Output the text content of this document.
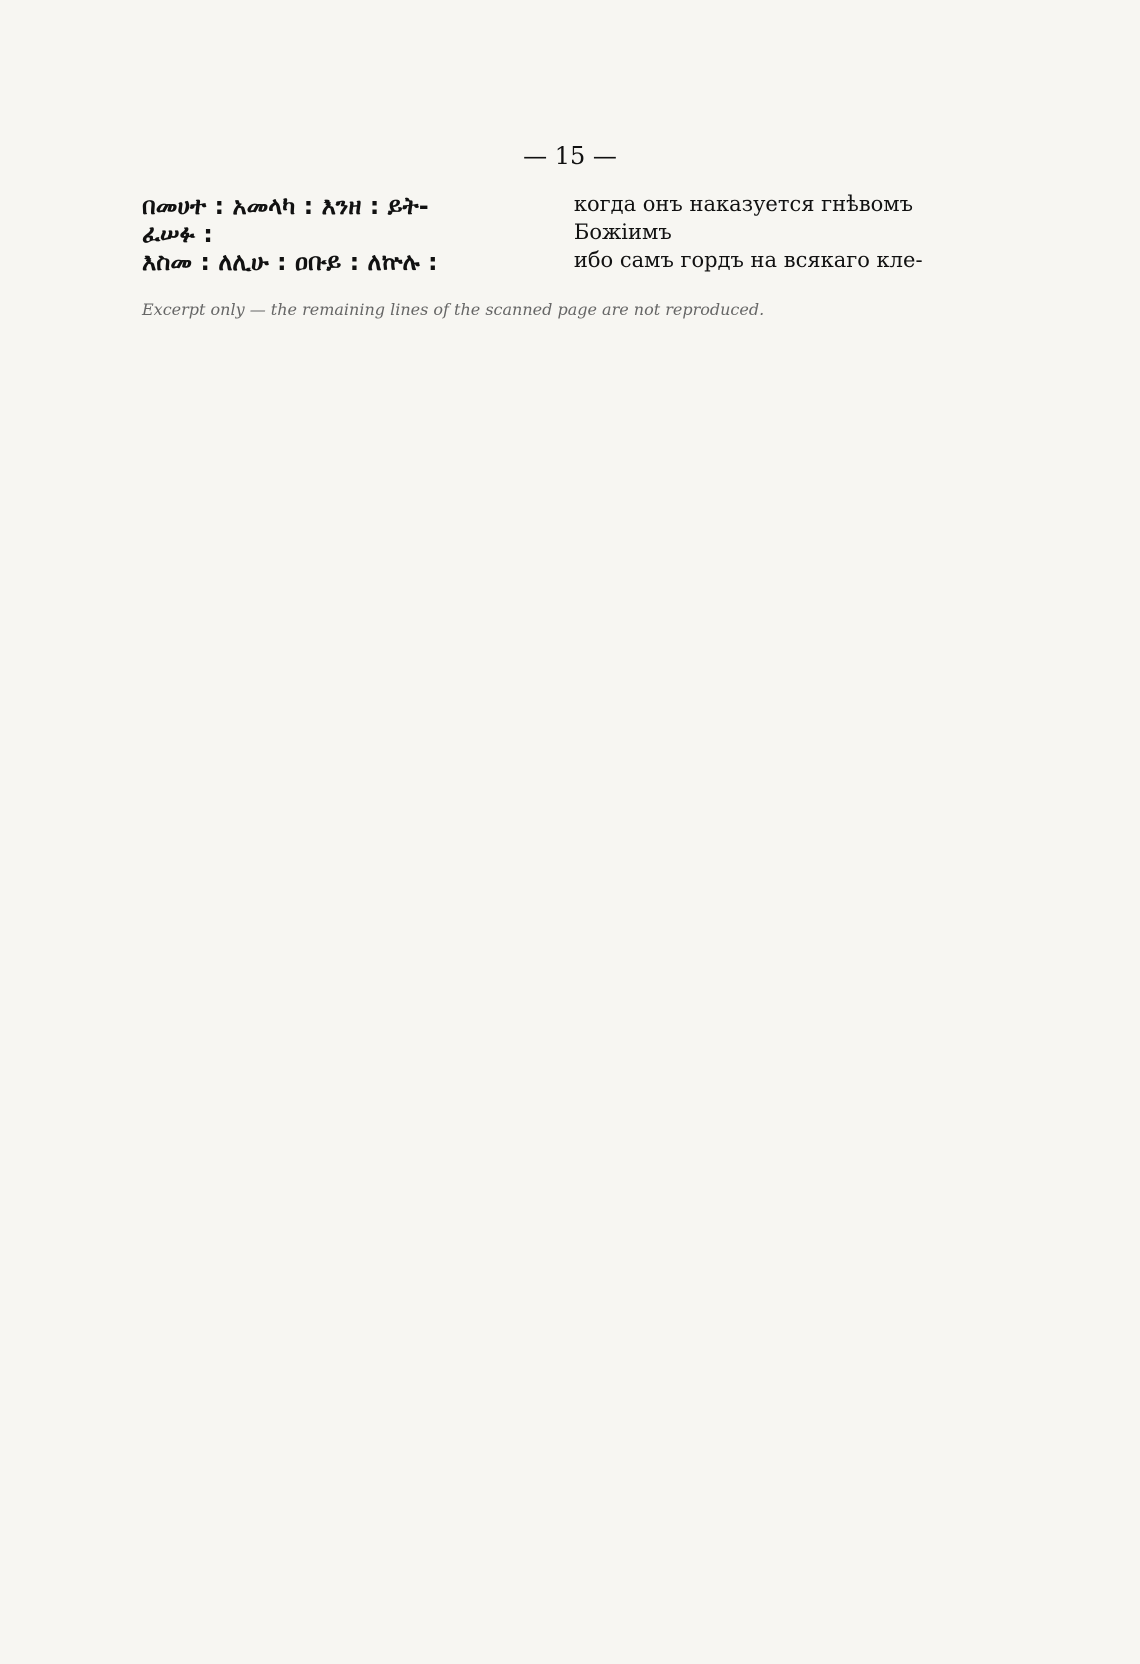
— 15 —
በመሀተ : አመላካ : እንዘ : ይት-	когда онъ наказуется гнѣвомъ
ፈሠፉ :	Божіимъ
እስመ : ለሊሁ : ዐቡይ : ለኵሉ :	ибо самъ гордъ на всякаго кле-
Excerpt only — the remaining lines of the scanned page are not reproduced.
